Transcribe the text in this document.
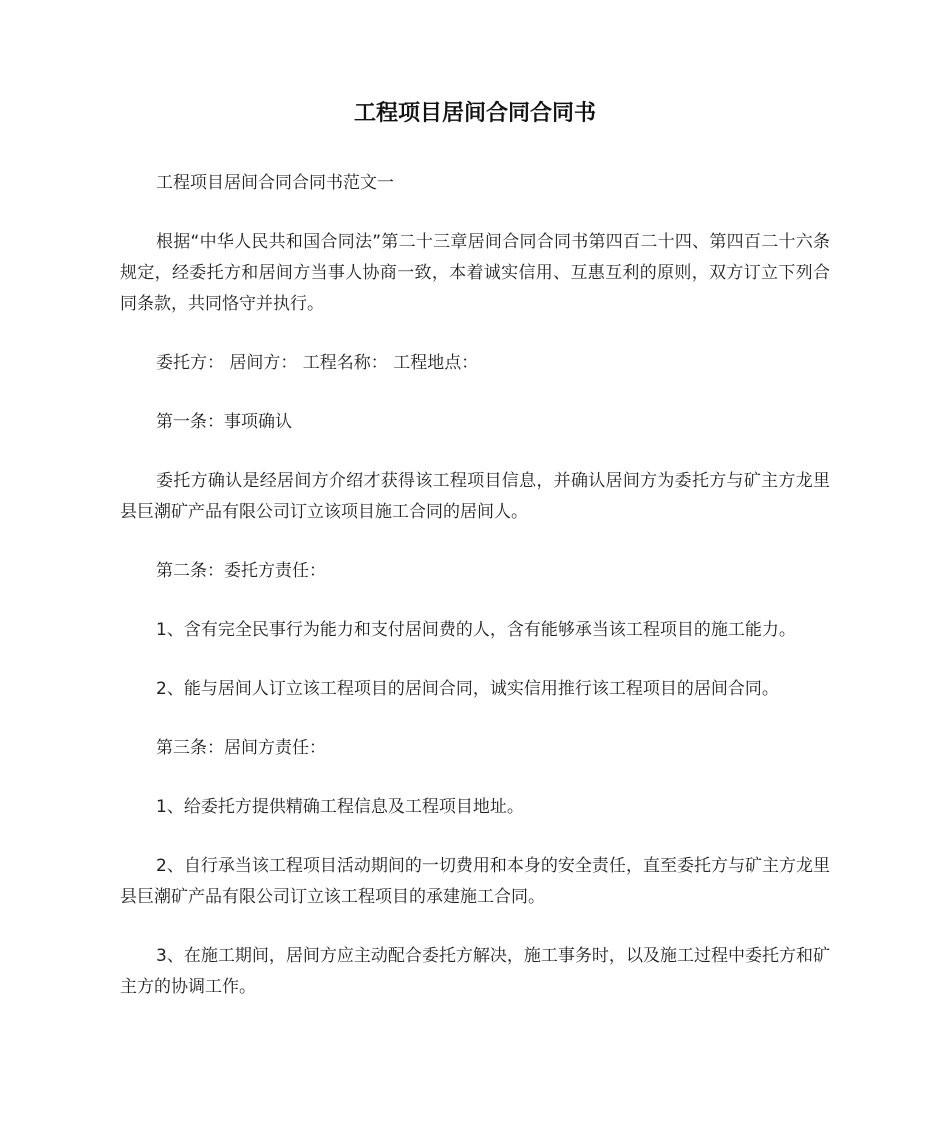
工程项目居间合同合同书

工程项目居间合同合同书范文一

根据“中华人民共和国合同法”第二十三章居间合同合同书第四百二十四、第四百二十六条规定，经委托方和居间方当事人协商一致，本着诚实信用、互惠互利的原则，双方订立下列合同条款，共同恪守并执行。

委托方： 居间方： 工程名称： 工程地点：

第一条：事项确认

委托方确认是经居间方介绍才获得该工程项目信息，并确认居间方为委托方与矿主方龙里县巨潮矿产品有限公司订立该项目施工合同的居间人。

第二条：委托方责任：

1、含有完全民事行为能力和支付居间费的人，含有能够承当该工程项目的施工能力。

2、能与居间人订立该工程项目的居间合同，诚实信用推行该工程项目的居间合同。

第三条：居间方责任：

1、给委托方提供精确工程信息及工程项目地址。

2、自行承当该工程项目活动期间的一切费用和本身的安全责任，直至委托方与矿主方龙里县巨潮矿产品有限公司订立该工程项目的承建施工合同。

3、在施工期间，居间方应主动配合委托方解决，施工事务时，以及施工过程中委托方和矿主方的协调工作。
